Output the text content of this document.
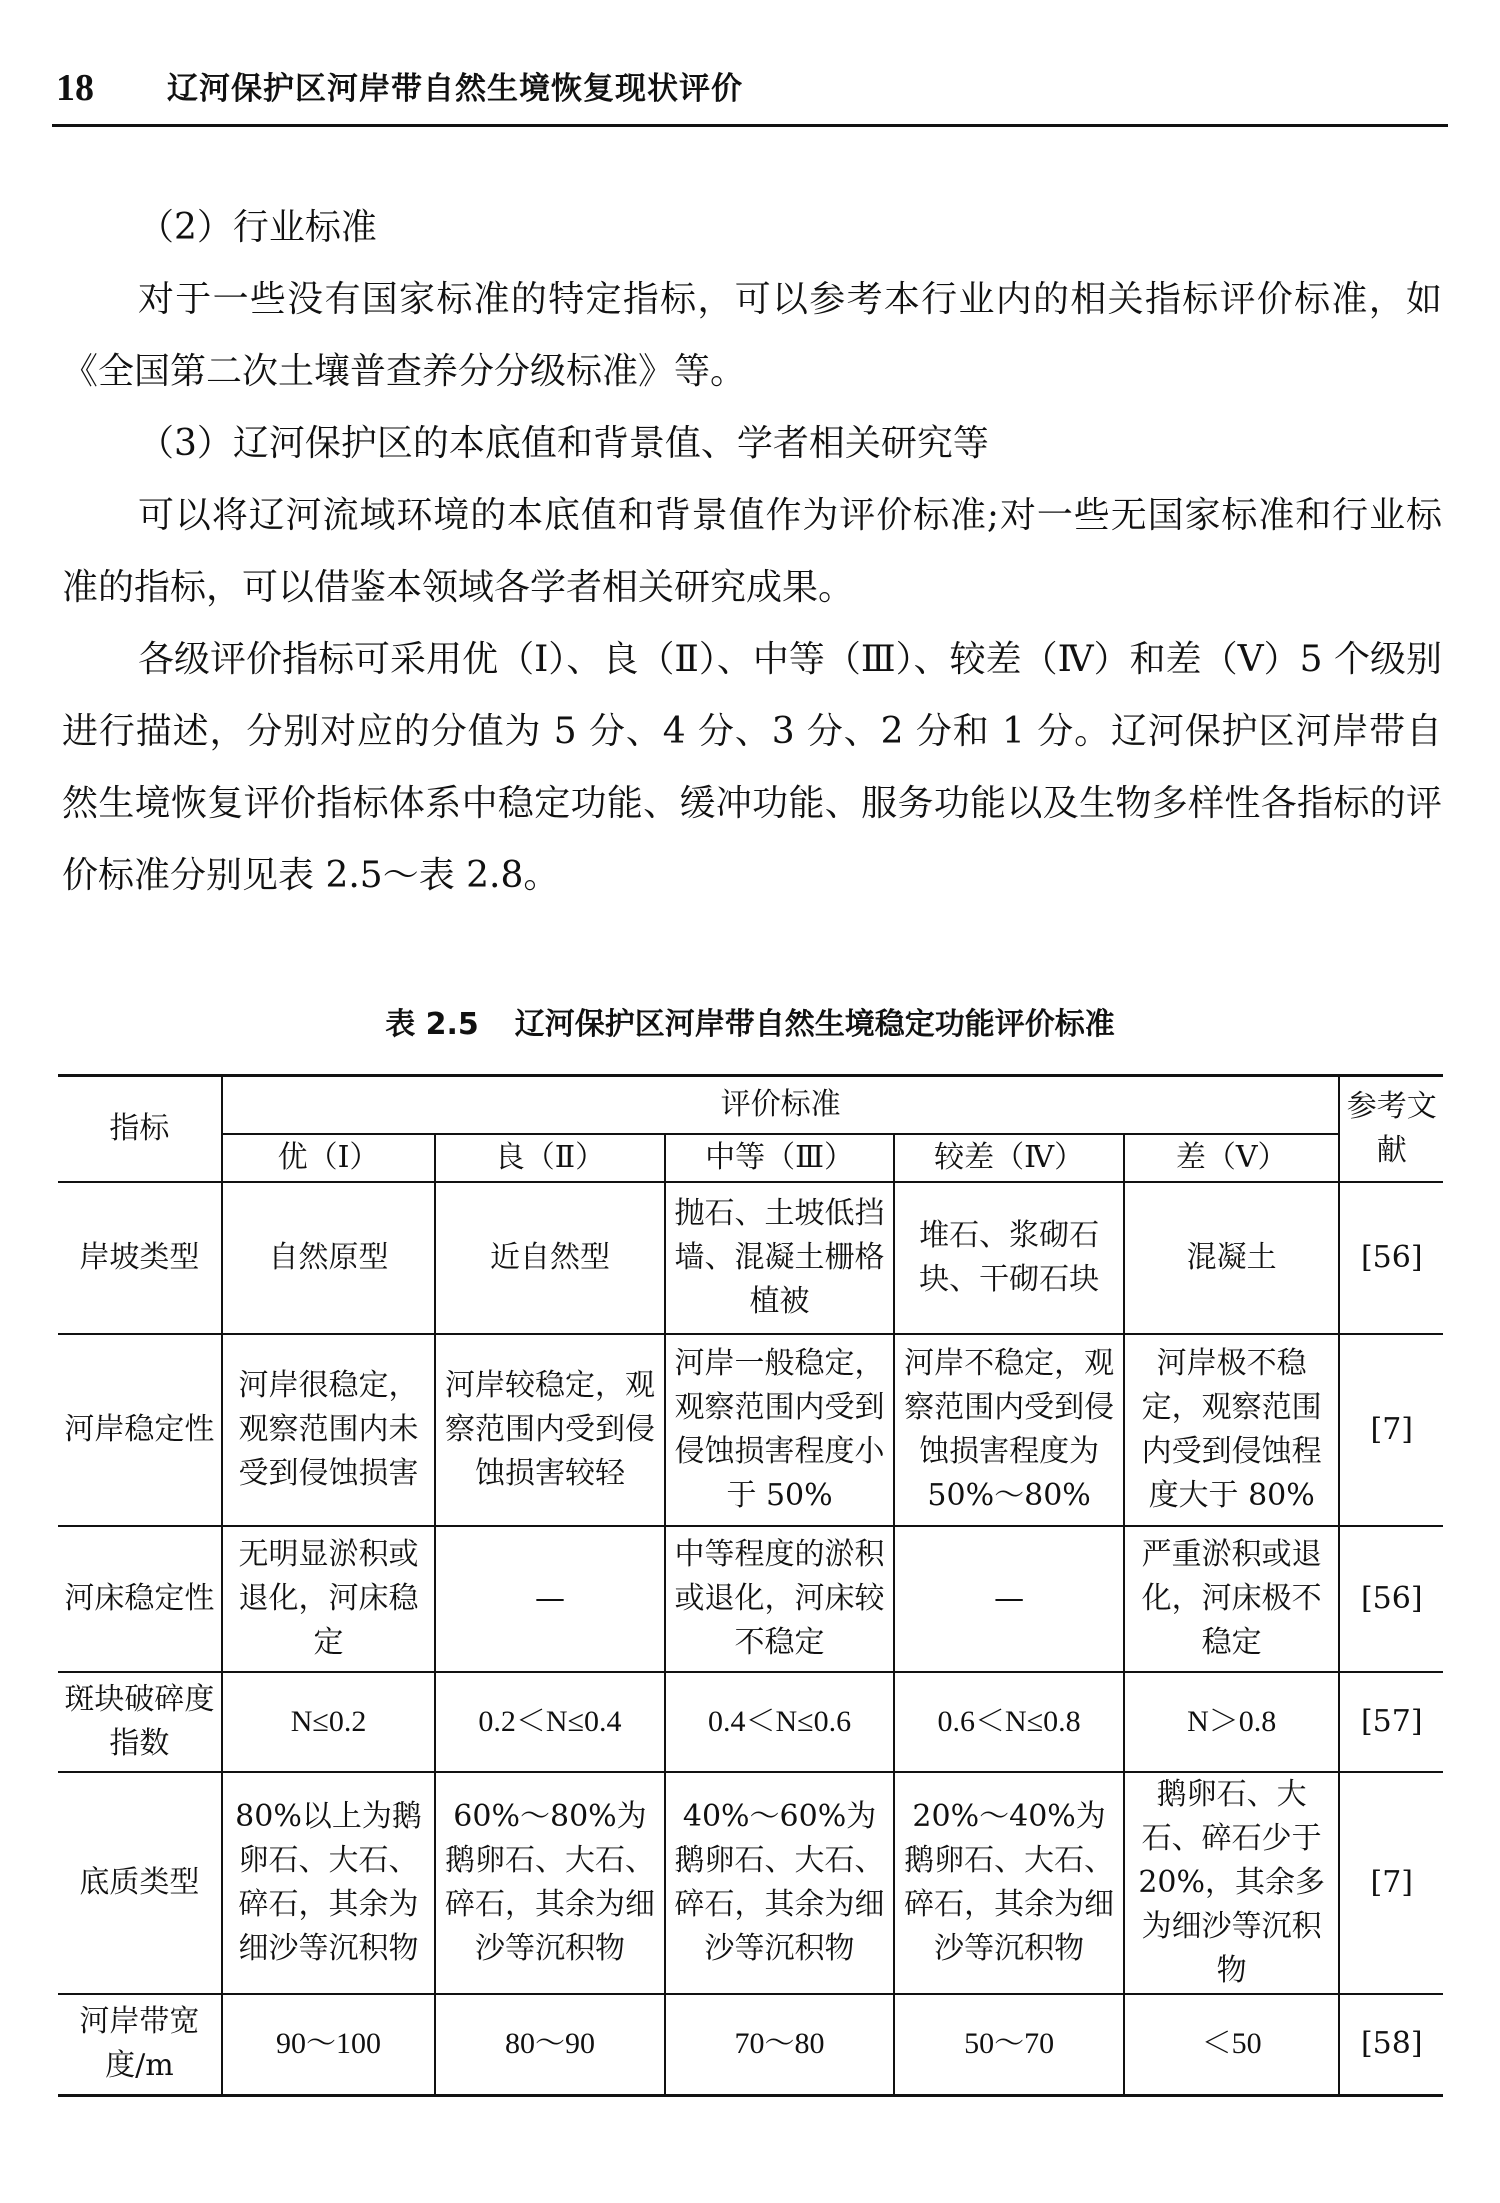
18 辽河保护区河岸带自然生境恢复现状评价

（2）行业标准

对于一些没有国家标准的特定指标，可以参考本行业内的相关指标评价标准，如《全国第二次土壤普查养分分级标准》等。

（3）辽河保护区的本底值和背景值、学者相关研究等

可以将辽河流域环境的本底值和背景值作为评价标准;对一些无国家标准和行业标准的指标，可以借鉴本领域各学者相关研究成果。

各级评价指标可采用优（Ⅰ）、良（Ⅱ）、中等（Ⅲ）、较差（Ⅳ）和差（Ⅴ）5 个级别进行描述，分别对应的分值为 5 分、4 分、3 分、2 分和 1 分。辽河保护区河岸带自然生境恢复评价指标体系中稳定功能、缓冲功能、服务功能以及生物多样性各指标的评价标准分别见表 2.5～表 2.8。

表 2.5 辽河保护区河岸带自然生境稳定功能评价标准
指标	评价标准					参考文献

	优（Ⅰ）	良（Ⅱ）	中等（Ⅲ）	较差（Ⅳ）	差（Ⅴ）	
岸坡类型	自然原型	近自然型	抛石、土坡低挡墙、混凝土栅格植被	堆石、浆砌石块、干砌石块	混凝土	[56]
河岸稳定性	河岸很稳定，观察范围内未受到侵蚀损害	河岸较稳定，观察范围内受到侵蚀损害较轻	河岸一般稳定，观察范围内受到侵蚀损害程度小于 50%	河岸不稳定，观察范围内受到侵蚀损害程度为 50%～80%	河岸极不稳定，观察范围内受到侵蚀程度大于 80%	[7]
河床稳定性	无明显淤积或退化，河床稳定	—	中等程度的淤积或退化，河床较不稳定	—	严重淤积或退化，河床极不稳定	[56]
斑块破碎度指数	N≤0.2	0.2＜N≤0.4	0.4＜N≤0.6	0.6＜N≤0.8	N＞0.8	[57]
底质类型	80%以上为鹅卵石、大石、碎石，其余为细沙等沉积物	60%～80%为鹅卵石、大石、碎石，其余为细沙等沉积物	40%～60%为鹅卵石、大石、碎石，其余为细沙等沉积物	20%～40%为鹅卵石、大石、碎石，其余为细沙等沉积物	鹅卵石、大石、碎石少于 20%，其余多为细沙等沉积物	[7]
河岸带宽度/m	90～100	80～90	70～80	50～70	＜50	[58]
